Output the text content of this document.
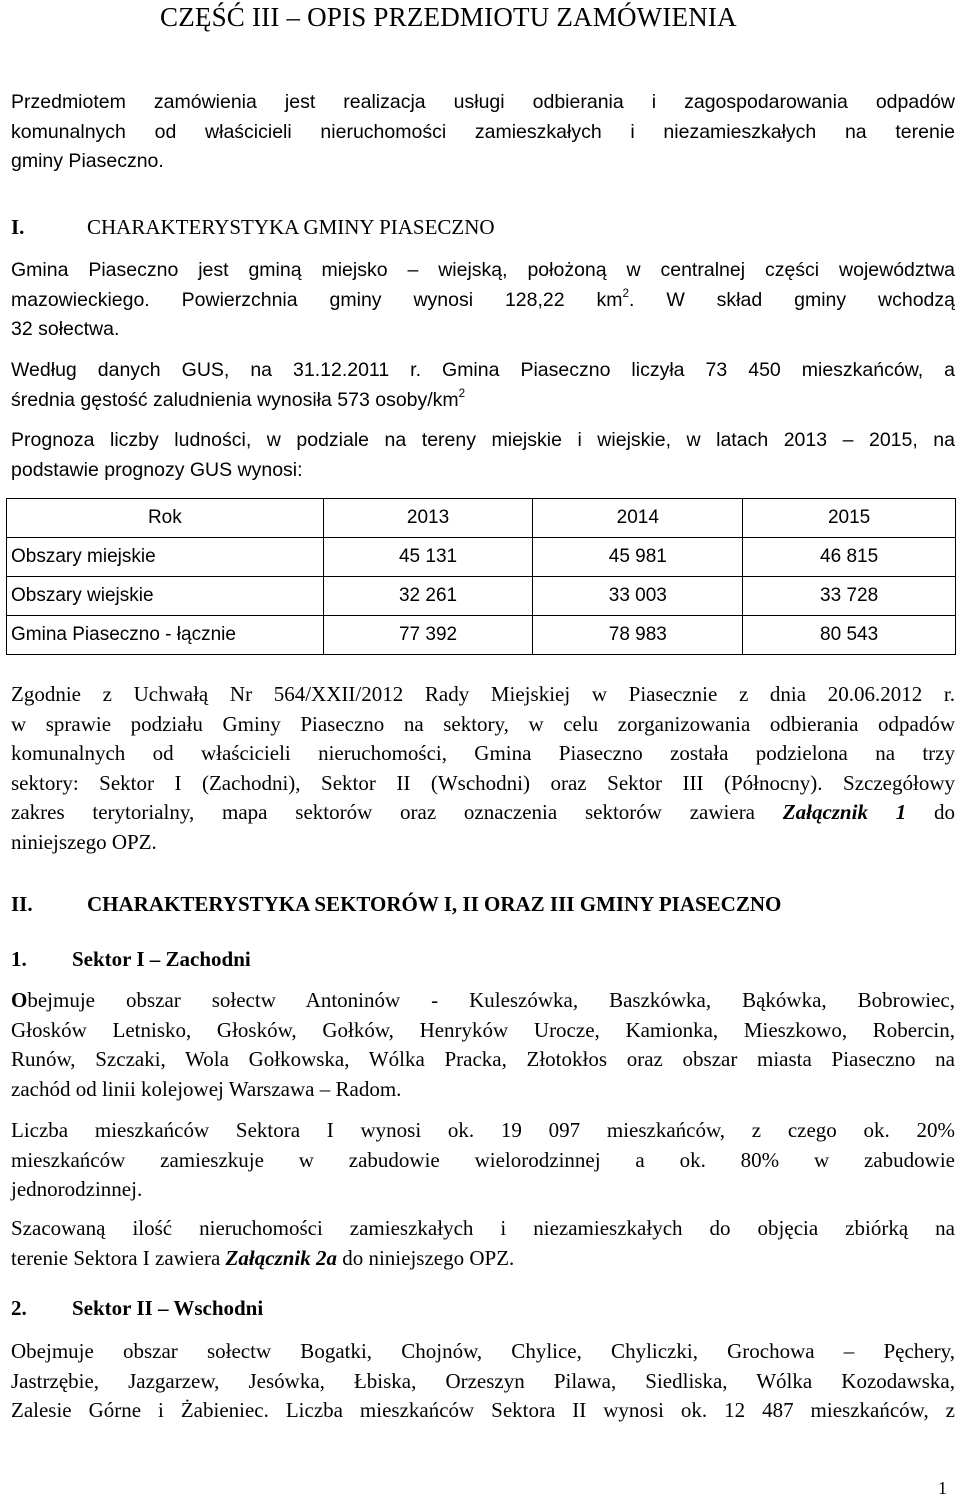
CZĘŚĆ III – OPIS PRZEDMIOTU ZAMÓWIENIA
Przedmiotem zamówienia jest realizacja usługi odbierania i zagospodarowania odpadów
komunalnych od właścicieli nieruchomości zamieszkałych i niezamieszkałych na terenie
gminy Piaseczno.
I.	CHARAKTERYSTYKA GMINY PIASECZNO
Gmina Piaseczno jest gminą miejsko – wiejską, położoną w centralnej części województwa
mazowieckiego. Powierzchnia gminy wynosi 128,22 $km^2$. W skład gminy wchodzą
32 sołectwa.
Według danych GUS, na 31.12.2011 r. Gmina Piaseczno liczyła 73 450 mieszkańców, a
średnia gęstość zaludnienia wynosiła 573 osoby/$km^2$
Prognoza liczby ludności, w podziale na tereny miejskie i wiejskie, w latach 2013 – 2015, na
podstawie prognozy GUS wynosi:
Rok	2013	2014	2015
Obszary miejskie	45 131	45 981	46 815
Obszary wiejskie	32 261	33 003	33 728
Gmina Piaseczno - łącznie	77 392	78 983	80 543
Zgodnie z Uchwałą Nr 564/XXII/2012 Rady Miejskiej w Piasecznie z dnia 20.06.2012 r.
w sprawie podziału Gminy Piaseczno na sektory, w celu zorganizowania odbierania odpadów
komunalnych od właścicieli nieruchomości, Gmina Piaseczno została podzielona na trzy
sektory: Sektor I (Zachodni), Sektor II (Wschodni) oraz Sektor III (Północny). Szczegółowy
zakres terytorialny, mapa sektorów oraz oznaczenia sektorów zawiera Załącznik 1 do
niniejszego OPZ.
II.	CHARAKTERYSTYKA SEKTORÓW I, II ORAZ III GMINY PIASECZNO
1. Sektor I – Zachodni
Obejmuje obszar sołectw Antoninów - Kuleszówka, Baszkówka, Bąkówka, Bobrowiec,
Głosków Letnisko, Głosków, Gołków, Henryków Urocze, Kamionka, Mieszkowo, Robercin,
Runów, Szczaki, Wola Gołkowska, Wólka Pracka, Złotokłos oraz obszar miasta Piaseczno na
zachód od linii kolejowej Warszawa – Radom.
Liczba mieszkańców Sektora I wynosi ok. 19 097 mieszkańców, z czego ok. 20%
mieszkańców zamieszkuje w zabudowie wielorodzinnej a ok. 80% w zabudowie
jednorodzinnej.
Szacowaną ilość nieruchomości zamieszkałych i niezamieszkałych do objęcia zbiórką na
terenie Sektora I zawiera Załącznik 2a do niniejszego OPZ.
2. Sektor II – Wschodni
Obejmuje obszar sołectw Bogatki, Chojnów, Chylice, Chyliczki, Grochowa – Pęchery,
Jastrzębie, Jazgarzew, Jesówka, Łbiska, Orzeszyn Pilawa, Siedliska, Wólka Kozodawska,
Zalesie Górne i Żabieniec. Liczba mieszkańców Sektora II wynosi ok. 12 487 mieszkańców, z
1
